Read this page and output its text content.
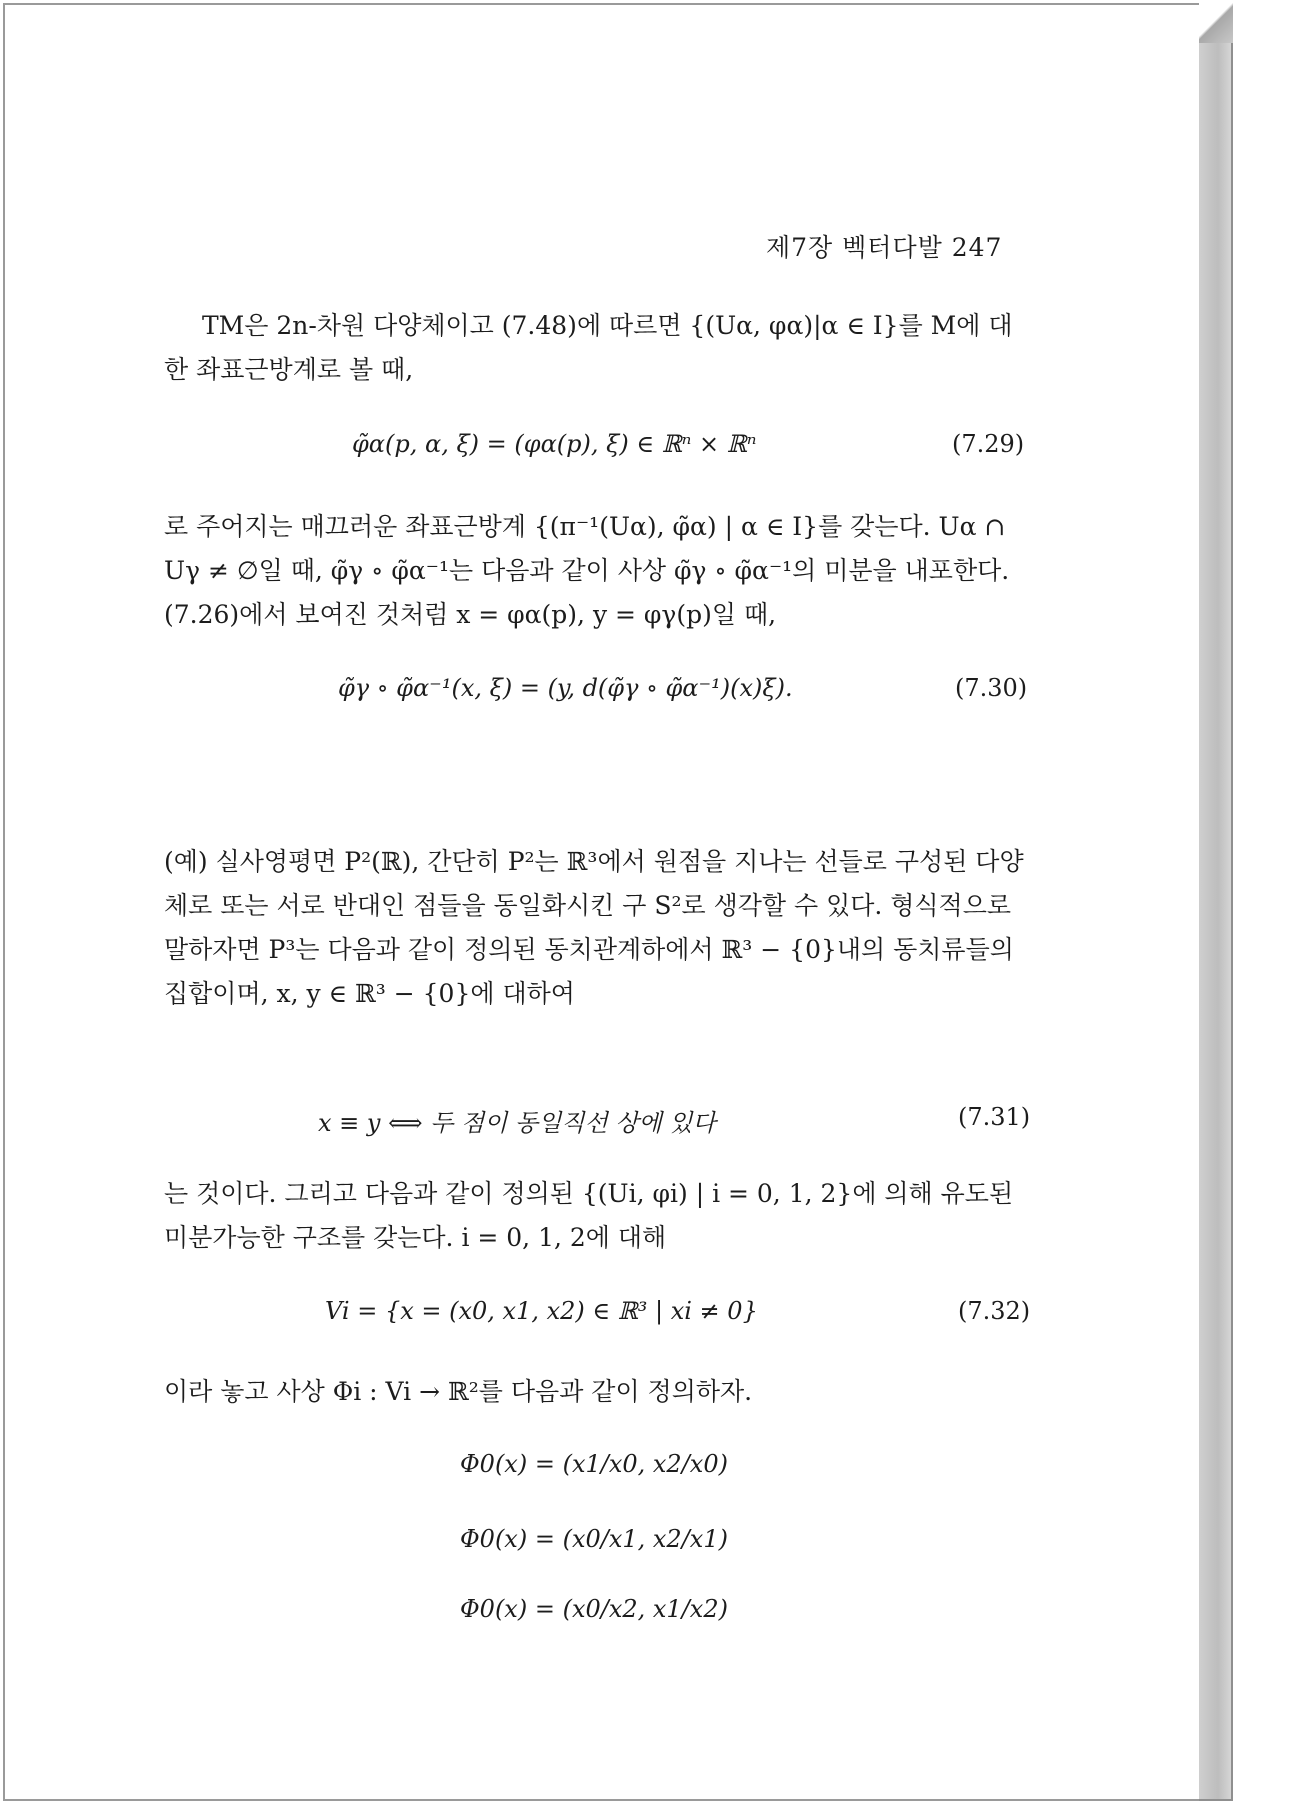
제7장 벡터다발 247

TM은 2n-차원 다양체이고 (7.48)에 따르면 {(Uα, φα)|α ∈ I}를 M에 대한 좌표근방계로 볼 때,

φ̃α(p, α, ξ) = (φα(p), ξ) ∈ ℝⁿ × ℝⁿ	(7.29)

로 주어지는 매끄러운 좌표근방계 {(π⁻¹(Uα), φ̃α) | α ∈ I}를 갖는다. Uα ∩ Uγ ≠ ∅일 때, φ̃γ ∘ φ̃α⁻¹는 다음과 같이 사상 φ̃γ ∘ φ̃α⁻¹의 미분을 내포한다. (7.26)에서 보여진 것처럼 x = φα(p), y = φγ(p)일 때,

φ̃γ ∘ φ̃α⁻¹(x, ξ) = (y, d(φ̃γ ∘ φ̃α⁻¹)(x)ξ).	(7.30)

(예) 실사영평면 P²(ℝ), 간단히 P²는 ℝ³에서 원점을 지나는 선들로 구성된 다양체로 또는 서로 반대인 점들을 동일화시킨 구 S²로 생각할 수 있다. 형식적으로 말하자면 P³는 다음과 같이 정의된 동치관계하에서 ℝ³ − {0}내의 동치류들의 집합이며, x, y ∈ ℝ³ − {0}에 대하여

x ≡ y ⟺ 두 점이 동일직선 상에 있다	(7.31)

는 것이다. 그리고 다음과 같이 정의된 {(Ui, φi) | i = 0, 1, 2}에 의해 유도된 미분가능한 구조를 갖는다. i = 0, 1, 2에 대해

Vi = {x = (x0, x1, x2) ∈ ℝ³ | xi ≠ 0}	(7.32)

이라 놓고 사상 Φi : Vi → ℝ²를 다음과 같이 정의하자.

Φ0(x) = (x1/x0, x2/x0)
Φ0(x) = (x0/x1, x2/x1)
Φ0(x) = (x0/x2, x1/x2)
